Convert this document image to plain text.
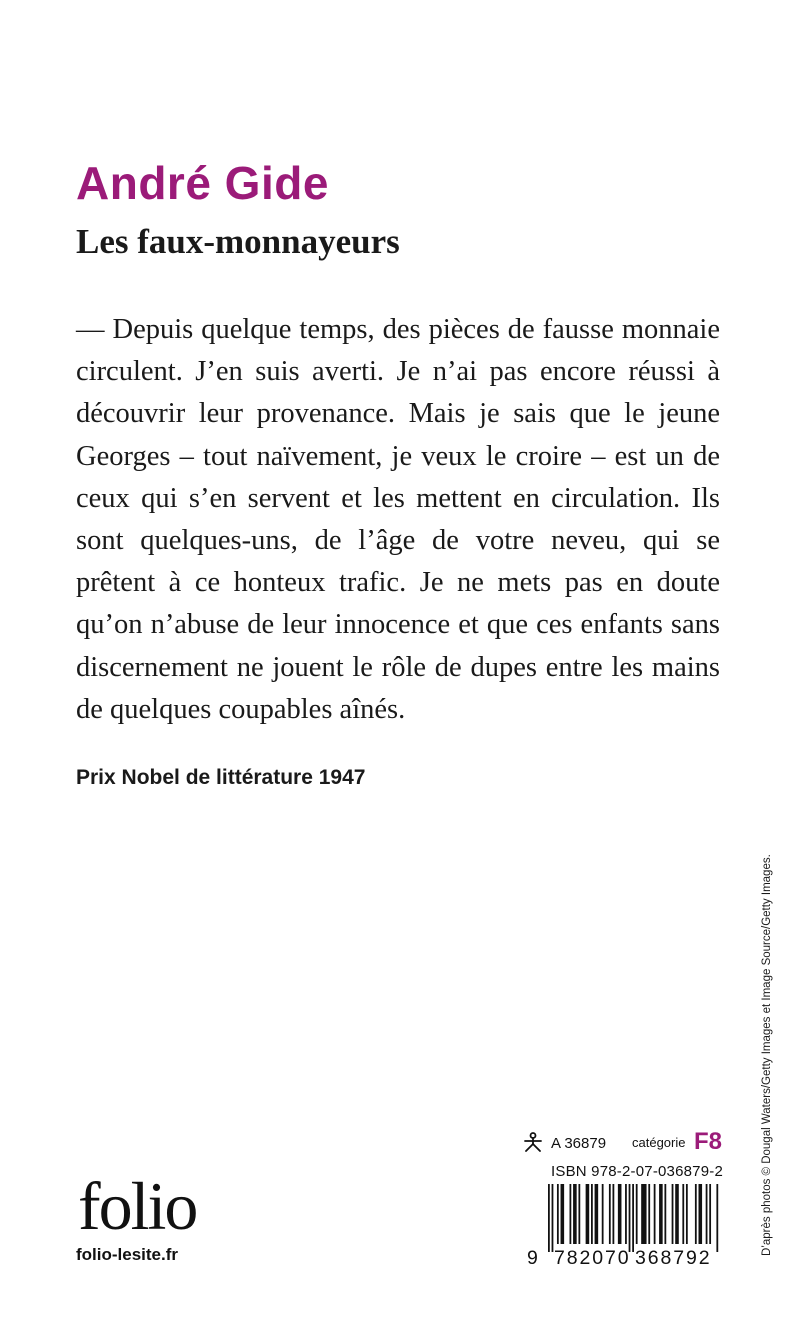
André Gide
Les faux-monnayeurs

— Depuis quelque temps, des pièces de fausse monnaie circulent. J’en suis averti. Je n’ai pas encore réussi à découvrir leur provenance. Mais je sais que le jeune Georges – tout naïvement, je veux le croire – est un de ceux qui s’en servent et les mettent en circulation. Ils sont quelques-uns, de l’âge de votre neveu, qui se prêtent à ce honteux trafic. Je ne mets pas en doute qu’on n’abuse de leur innocence et que ces enfants sans discernement ne jouent le rôle de dupes entre les mains de quelques coupables aînés.

Prix Nobel de littérature 1947

D’après photos © Dougal Waters/Getty Images et Image Source/Getty Images.
folio
folio-lesite.fr
A 36879 catégorie F8
ISBN 978-2-07-036879-2
9 782070 368792
